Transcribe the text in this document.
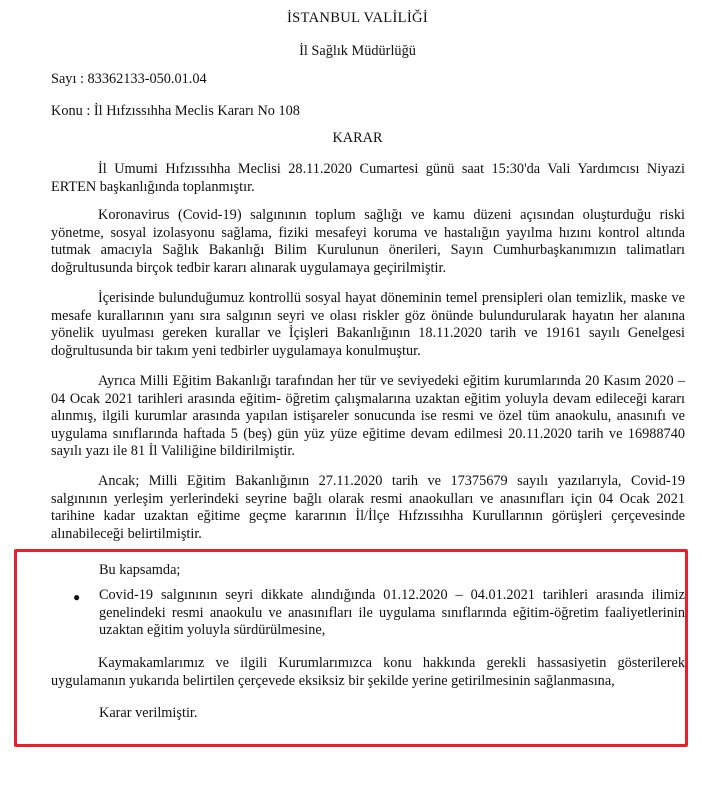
İSTANBUL VALİLİĞİ
İl Sağlık Müdürlüğü
Sayı : 83362133-050.01.04
Konu : İl Hıfzıssıhha Meclis Kararı No 108
KARAR

İl Umumi Hıfzıssıhha Meclisi 28.11.2020 Cumartesi günü saat 15:30'da Vali Yardımcısı Niyazi ERTEN başkanlığında toplanmıştır.

Koronavirus (Covid-19) salgınının toplum sağlığı ve kamu düzeni açısından oluşturduğu riski yönetme, sosyal izolasyonu sağlama, fiziki mesafeyi koruma ve hastalığın yayılma hızını kontrol altında tutmak amacıyla Sağlık Bakanlığı Bilim Kurulunun önerileri, Sayın Cumhurbaşkanımızın talimatları doğrultusunda birçok tedbir kararı alınarak uygulamaya geçirilmiştir.

İçerisinde bulunduğumuz kontrollü sosyal hayat döneminin temel prensipleri olan temizlik, maske ve mesafe kurallarının yanı sıra salgının seyri ve olası riskler göz önünde bulundurularak hayatın her alanına yönelik uyulması gereken kurallar ve İçişleri Bakanlığının 18.11.2020 tarih ve 19161 sayılı Genelgesi doğrultusunda bir takım yeni tedbirler uygulamaya konulmuştur.

Ayrıca Milli Eğitim Bakanlığı tarafından her tür ve seviyedeki eğitim kurumlarında 20 Kasım 2020 – 04 Ocak 2021 tarihleri arasında eğitim- öğretim çalışmalarına uzaktan eğitim yoluyla devam edileceği kararı alınmış, ilgili kurumlar arasında yapılan istişareler sonucunda ise resmi ve özel tüm anaokulu, anasınıfı ve uygulama sınıflarında haftada 5 (beş) gün yüz yüze eğitime devam edilmesi 20.11.2020 tarih ve 16988740 sayılı yazı ile 81 İl Valiliğine bildirilmiştir.

Ancak; Milli Eğitim Bakanlığının 27.11.2020 tarih ve 17375679 sayılı yazılarıyla, Covid-19 salgınının yerleşim yerlerindeki seyrine bağlı olarak resmi anaokulları ve anasınıfları için 04 Ocak 2021 tarihine kadar uzaktan eğitime geçme kararının İl/İlçe Hıfzıssıhha Kurullarının görüşleri çerçevesinde alınabileceği belirtilmiştir.

Bu kapsamda;
● Covid-19 salgınının seyri dikkate alındığında 01.12.2020 – 04.01.2021 tarihleri arasında ilimiz genelindeki resmi anaokulu ve anasınıfları ile uygulama sınıflarında eğitim-öğretim faaliyetlerinin uzaktan eğitim yoluyla sürdürülmesine,

Kaymakamlarımız ve ilgili Kurumlarımızca konu hakkında gerekli hassasiyetin gösterilerek uygulamanın yukarıda belirtilen çerçevede eksiksiz bir şekilde yerine getirilmesinin sağlanmasına,

Karar verilmiştir.
